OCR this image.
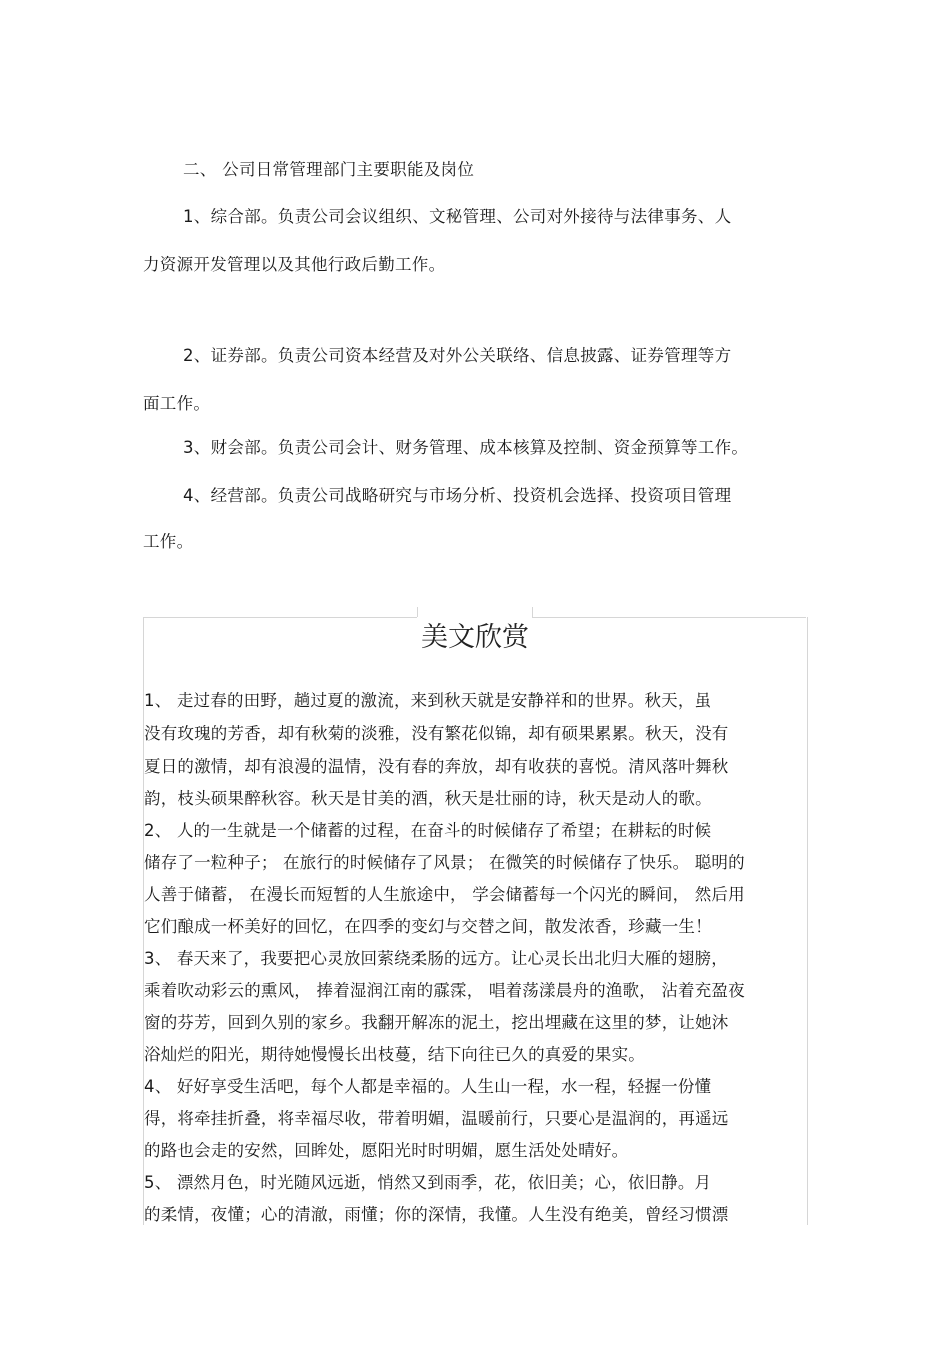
二、 公司日常管理部门主要职能及岗位
1、综合部。负责公司会议组织、文秘管理、公司对外接待与法律事务、人
力资源开发管理以及其他行政后勤工作。
2、证券部。负责公司资本经营及对外公关联络、信息披露、证券管理等方
面工作。
3、财会部。负责公司会计、财务管理、成本核算及控制、资金预算等工作。
4、经营部。负责公司战略研究与市场分析、投资机会选择、投资项目管理
工作。
美文欣赏
1、 走过春的田野，趟过夏的激流，来到秋天就是安静祥和的世界。秋天，虽
没有玫瑰的芳香，却有秋菊的淡雅，没有繁花似锦，却有硕果累累。秋天，没有
夏日的激情，却有浪漫的温情，没有春的奔放，却有收获的喜悦。清风落叶舞秋
韵，枝头硕果醉秋容。秋天是甘美的酒，秋天是壮丽的诗，秋天是动人的歌。
2、 人的一生就是一个储蓄的过程，在奋斗的时候储存了希望；在耕耘的时候
储存了一粒种子； 在旅行的时候储存了风景； 在微笑的时候储存了快乐。 聪明的
人善于储蓄， 在漫长而短暂的人生旅途中， 学会储蓄每一个闪光的瞬间， 然后用
它们酿成一杯美好的回忆，在四季的变幻与交替之间，散发浓香，珍藏一生！
3、 春天来了，我要把心灵放回萦绕柔肠的远方。让心灵长出北归大雁的翅膀，
乘着吹动彩云的熏风， 捧着湿润江南的霡霂， 唱着荡漾晨舟的渔歌， 沾着充盈夜
窗的芬芳，回到久别的家乡。我翻开解冻的泥土，挖出埋藏在这里的梦，让她沐
浴灿烂的阳光，期待她慢慢长出枝蔓，结下向往已久的真爱的果实。
4、 好好享受生活吧，每个人都是幸福的。人生山一程，水一程，轻握一份懂
得，将牵挂折叠，将幸福尽收，带着明媚，温暖前行，只要心是温润的，再遥远
的路也会走的安然，回眸处，愿阳光时时明媚，愿生活处处晴好。
5、 漂然月色，时光随风远逝，悄然又到雨季，花，依旧美；心，依旧静。月
的柔情，夜懂；心的清澈，雨懂；你的深情，我懂。人生没有绝美，曾经习惯漂
